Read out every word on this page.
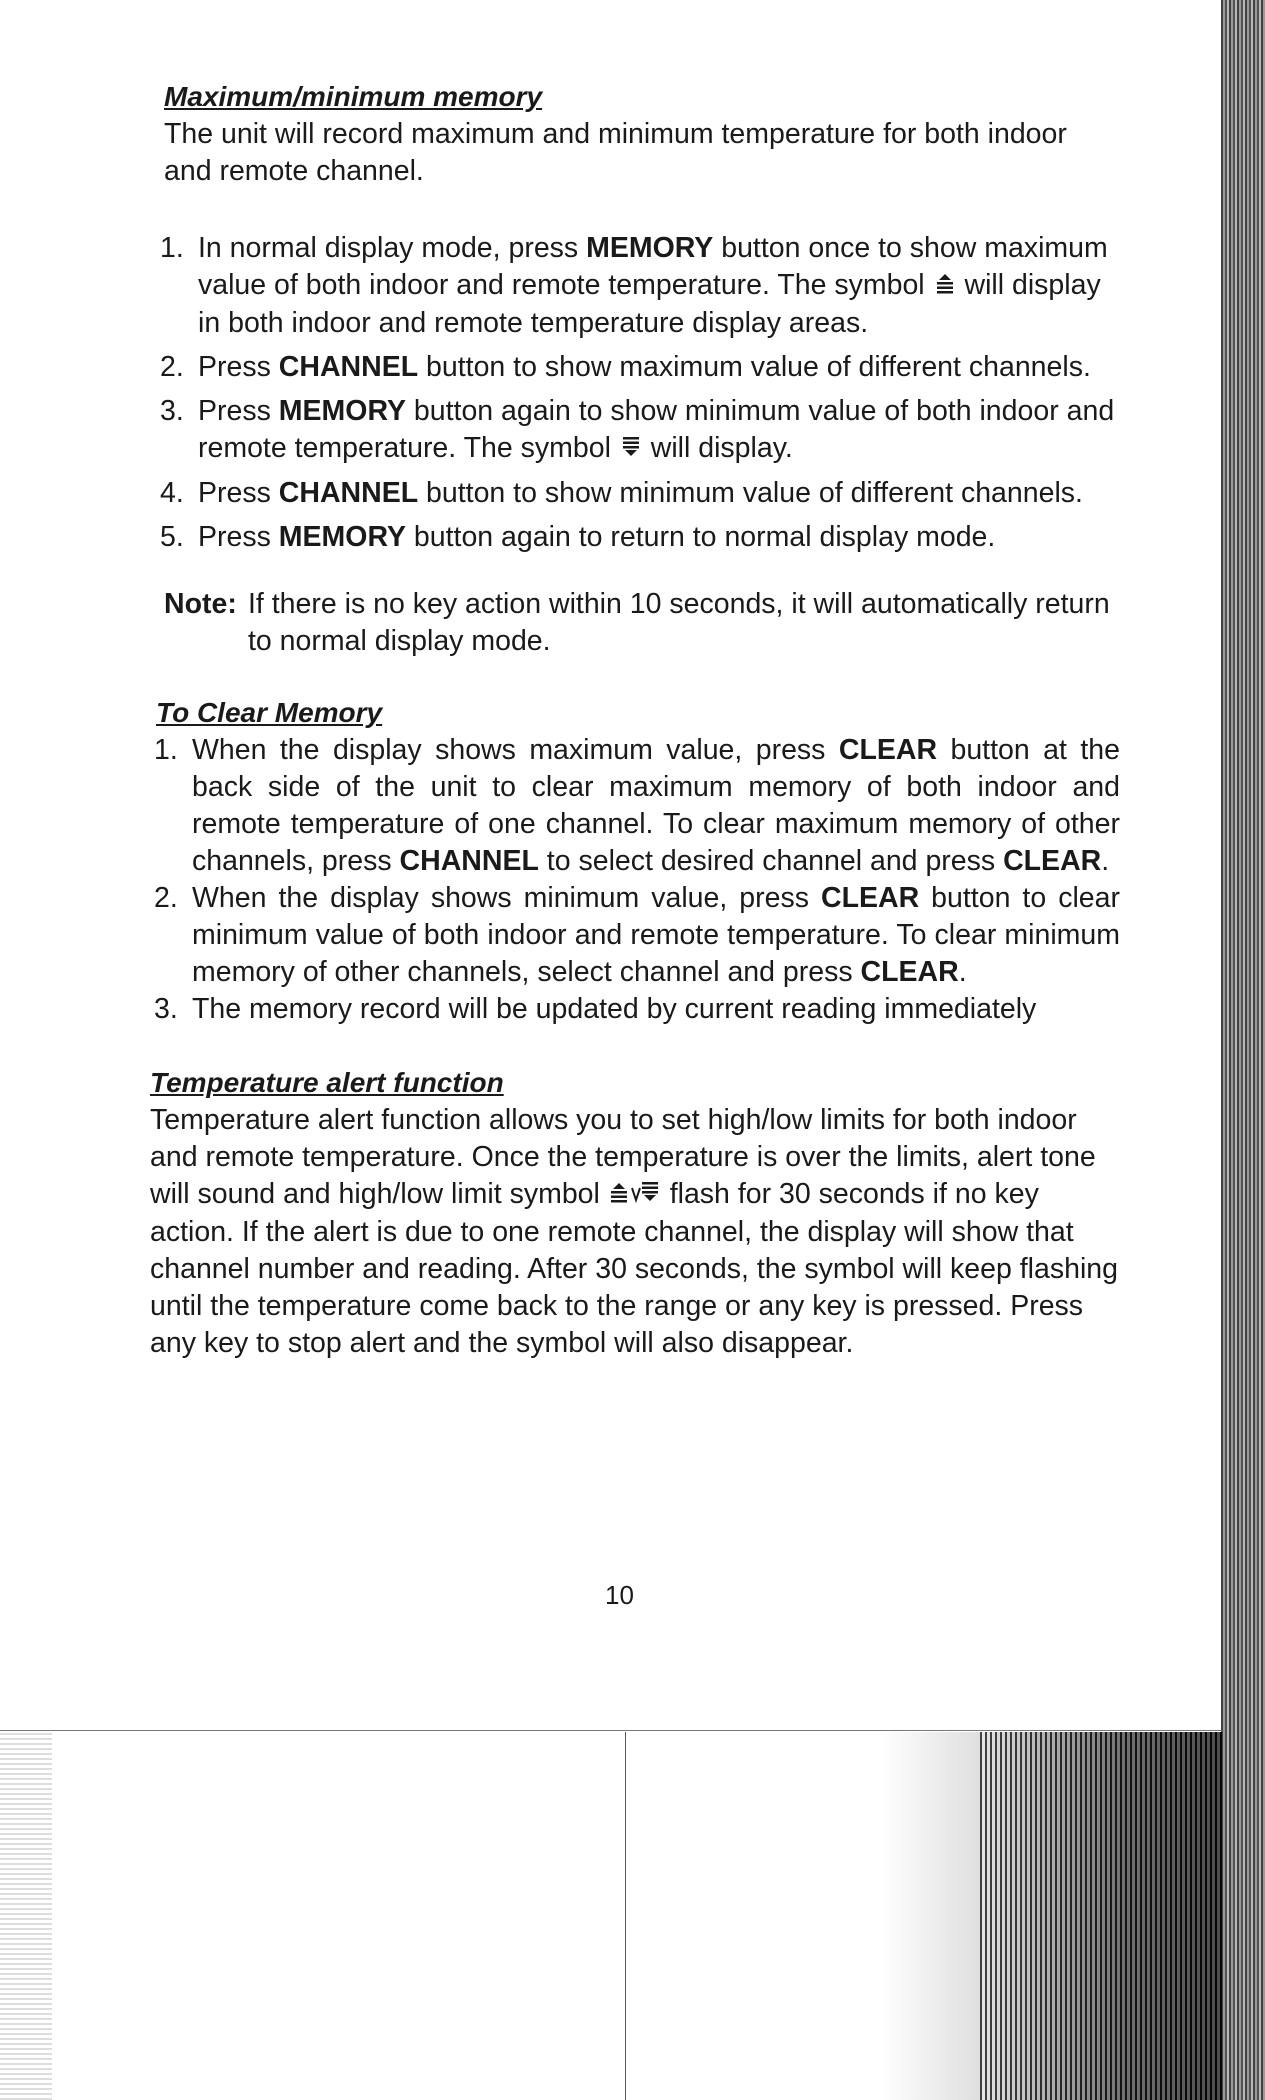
Maximum/minimum memory

The unit will record maximum and minimum temperature for both indoor and remote channel.

1. In normal display mode, press MEMORY button once to show maximum value of both indoor and remote temperature. The symbol  will display in both indoor and remote temperature display areas.
2. Press CHANNEL button to show maximum value of different channels.
3. Press MEMORY button again to show minimum value of both indoor and remote temperature. The symbol  will display.
4. Press CHANNEL button to show minimum value of different channels.
5. Press MEMORY button again to return to normal display mode.
Note: If there is no key action within 10 seconds, it will automatically return to normal display mode.
To Clear Memory
1. When the display shows maximum value, press CLEAR button at the back side of the unit to clear maximum memory of both indoor and remote temperature of one channel. To clear maximum memory of other channels, press CHANNEL to select desired channel and press CLEAR.
2. When the display shows minimum value, press CLEAR button to clear minimum value of both indoor and remote temperature. To clear minimum memory of other channels, select channel and press CLEAR.
3. The memory record will be updated by current reading immediately
Temperature alert function

Temperature alert function allows you to set high/low limits for both indoor and remote temperature. Once the temperature is over the limits, alert tone will sound and high/low limit symbol  flash for 30 seconds if no key action. If the alert is due to one remote channel, the display will show that channel number and reading. After 30 seconds, the symbol will keep flashing until the temperature come back to the range or any key is pressed. Press any key to stop alert and the symbol will also disappear.

10
